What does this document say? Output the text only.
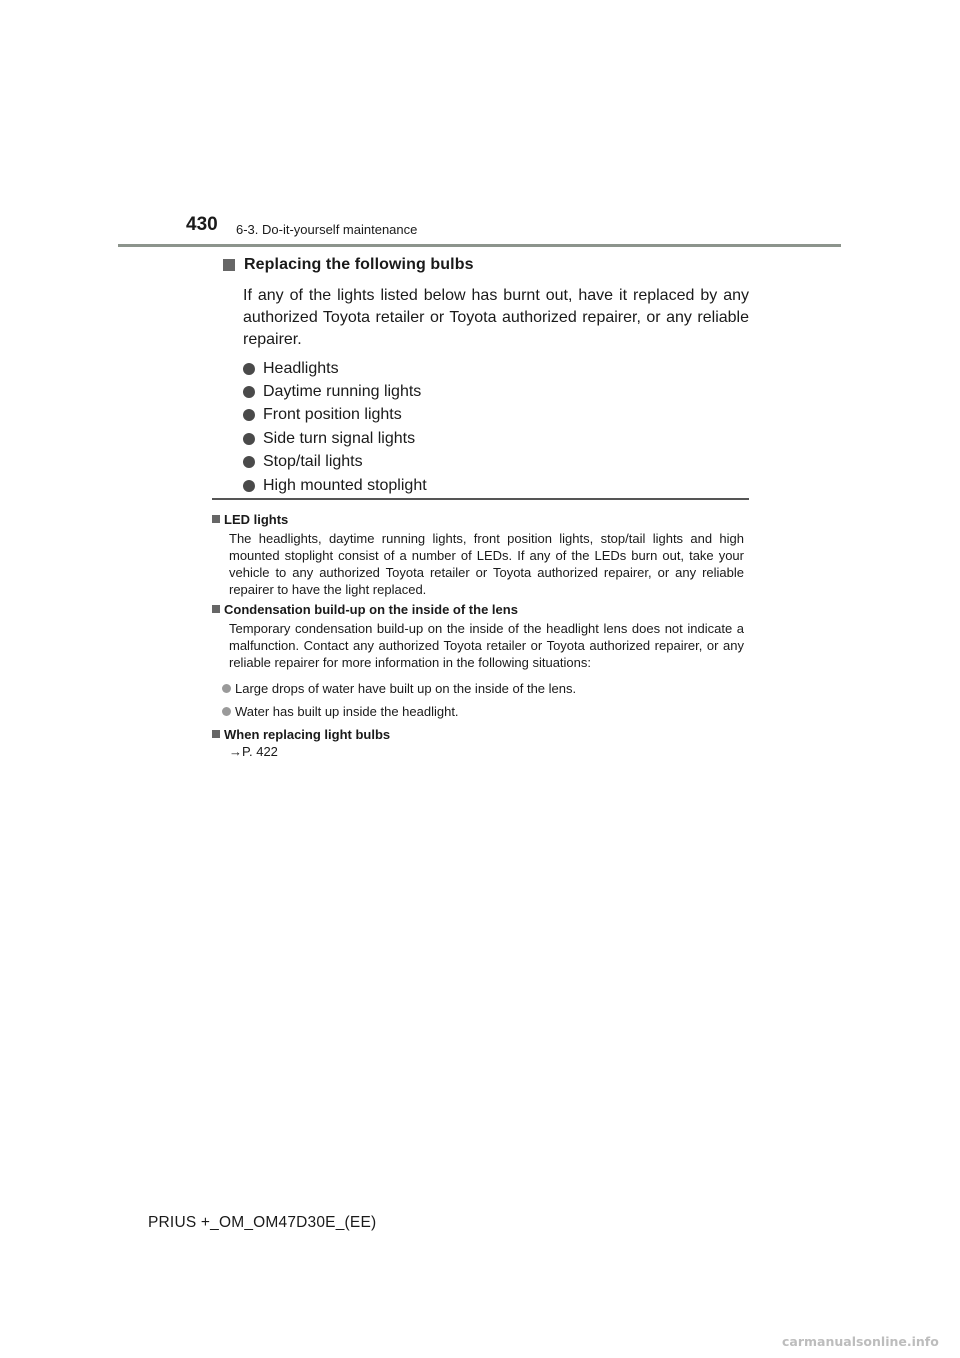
430 6-3. Do-it-yourself maintenance
Replacing the following bulbs

If any of the lights listed below has burnt out, have it replaced by any authorized Toyota retailer or Toyota authorized repairer, or any reliable repairer.

Headlights
Daytime running lights
Front position lights
Side turn signal lights
Stop/tail lights
High mounted stoplight
LED lights

The headlights, daytime running lights, front position lights, stop/tail lights and high mounted stoplight consist of a number of LEDs. If any of the LEDs burn out, take your vehicle to any authorized Toyota retailer or Toyota authorized repairer, or any reliable repairer to have the light replaced.

Condensation build-up on the inside of the lens

Temporary condensation build-up on the inside of the headlight lens does not indicate a malfunction. Contact any authorized Toyota retailer or Toyota authorized repairer, or any reliable repairer for more information in the following situations:

Large drops of water have built up on the inside of the lens.
Water has built up inside the headlight.
When replacing light bulbs
→P. 422
PRIUS +_OM_OM47D30E_(EE)
carmanualsonline.info
